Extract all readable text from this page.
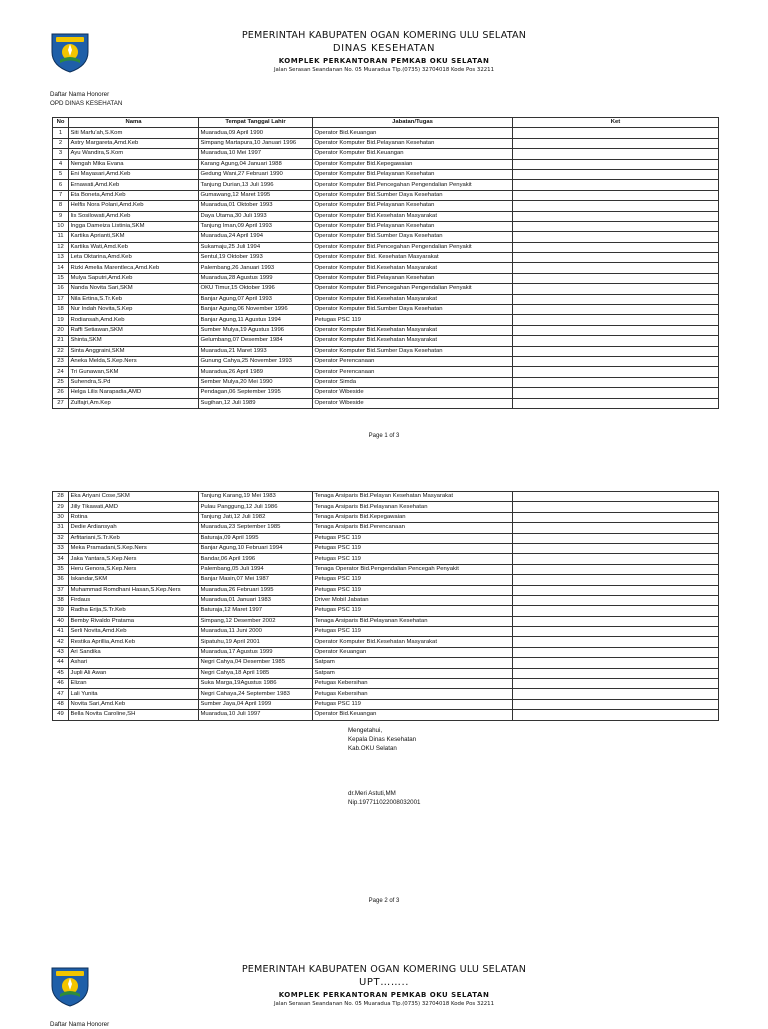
PEMERINTAH KABUPATEN OGAN KOMERING ULU SELATAN
DINAS KESEHATAN
KOMPLEK PERKANTORAN PEMKAB OKU SELATAN
Jalan Serasan Seandanan No. 05 Muaradua Tlp.(0735) 32704018 Kode Pos 32211
Daftar Nama Honorer
OPD DINAS KESEHATAN
No	Nama	Tempat Tanggal Lahir	Jabatan/Tugas	Ket
1	Siti Marfu'ah,S.Kom	Muaradua,09 April 1990	Operator Bid.Keuangan	
2	Astry Margareta,Amd.Keb	Simpang Martapura,10 Januari 1996	Operator Komputer Bid.Pelayanan Kesehatan	
3	Ayu Wandira,S.Kom	Muaradua,10 Mei 1997	Operator Komputer Bid.Keuangan	
4	Nengah Mika Evana	Karang Agung,04 Januari 1988	Operator Komputer Bid.Kepegawaian	
5	Eni Mayasari,Amd.Keb	Gedung Wani,27 Februari 1990	Operator Komputer Bid.Pelayanan Kesehatan	
6	Ernawati,Amd.Keb	Tanjung Durian,13 Juli 1996	Operator Komputer Bid.Pencegahan Pengendalian Penyakit	
7	Eta Boneta,Amd.Keb	Gumawang,12 Maret 1995	Operator Komputer Bid.Sumber Daya Kesehatan	
8	Helfis Nora Polani,Amd.Keb	Muaradua,01 Oktober 1993	Operator Komputer Bid.Pelayanan Kesehatan	
9	Iis Sosilowati,Amd.Keb	Daya Utama,30 Juli 1993	Operator Komputer Bid.Kesehatan Masyarakat	
10	Ingga Dameiza Listinia,SKM	Tanjung Iman,09 April 1993	Operator Komputer Bid.Pelayanan Kesehatan	
11	Kartika Aprianti,SKM	Muaradua,24 April 1994	Operator Komputer Bid.Sumber Daya Kesehatan	
12	Kartika Wati,Amd.Keb	Sukamaju,25 Juli 1994	Operator Komputer Bid.Pencegahan Pengendalian Penyakit	
13	Leta Oktarina,Amd.Keb	Sentul,19 Oktober 1993	Operator Komputer Bid. Kesehatan Masyarakat	
14	Rizki Amelia Marentleca,Amd.Keb	Palembang,26 Januari 1993	Operator Komputer Bid.Kesehatan Masyarakat	
15	Mulya Saputri,Amd.Keb	Muaradua,28 Agustus 1999	Operator Komputer Bid.Pelayanan Kesehatan	
16	Nanda Novita Sari,SKM	OKU Timur,15 Oktober 1996	Operator Komputer Bid.Pencegahan Pengendalian Penyakit	
17	Nila Ertina,S.Tr.Keb	Banjar Agung,07 April 1993	Operator Komputer Bid.Kesehatan Masyarakat	
18	Nur Indah Novita,S.Kep	Banjar Agung,06 November 1996	Operator Komputer Bid.Sumber Daya Kesehatan	
19	Rodiansah,Amd.Keb	Banjar Agung,11 Agustus 1994	Petugas PSC 119	
20	Raffi Setiawan,SKM	Sumber Mulya,19 Agustus 1996	Operator Komputer Bid.Kesehatan Masyarakat	
21	Shinta,SKM	Gelumbang,07 Desember 1984	Operator Komputer Bid.Kesehatan Masyarakat	
22	Sinta Anggraini,SKM	Muaradua,21 Maret 1993	Operator Komputer Bid.Sumber Daya Kesehatan	
23	Aneka Melda,S.Kep.Ners	Gunung Cahya,25 November 1993	Operator Perencanaan	
24	Tri Gunawan,SKM	Muaradua,26 April 1989	Operator Perencanaan	
25	Suhendra,S.Pd	Sember Mulya,20 Mei 1990	Operator Simda	
26	Helga Lilis Narapadia,AMD	Pendagan,06 September 1995	Operator Wibeside	
27	Zulfajri,Am.Kep	Sugihan,12 Juli 1989	Operator Wibeside	
Page 1 of 3
28	Eka Ariyani Cose,SKM	Tanjung Karang,19 Mei 1983	Tenaga Arsiparis Bid.Pelayan Kesehatan Masyarakat	
29	Jilly Tikawati,AMD	Pulau Panggung,12 Juli 1986	Tenaga Arsiparis Bid.Pelayanan Kesehatan	
30	Rotina	Tanjung Jati,12 Juli 1982	Tenaga Arsiparis Bid.Kepegawaian	
31	Dedie Ardiansyah	Muaradua,23 September 1985	Tenaga Arsiparis Bid.Perencanaan	
32	Arfitariani,S.Tr.Keb	Baturaja,09 April 1995	Petugas PSC 119	
33	Meka Pramadani,S.Kep.Ners	Banjar Agung,10 Februari 1994	Petugas PSC 119	
34	Jaka Yantara,S.Kep.Ners	Bandar,06 April 1996	Petugas PSC 119	
35	Heru Genora,S.Kep.Ners	Palembang,05 Juli 1994	Tenaga Operator Bid.Pengendalian Pencegah Penyakit	
36	Iskandar,SKM	Banjar Masin,07 Mei 1987	Petugas PSC 119	
37	Muhammad Romdhani Hasan,S.Kep.Ners	Muaradua,26 Februari 1995	Petugas PSC 119	
38	Firdaus	Muaradua,01 Januari 1983	Driver Mobil Jabatan	
39	Radha Erija,S.Tr.Keb	Baturaja,12 Maret 1997	Petugas PSC 119	
40	Bemby Rivaldo Pratama	Simpang,12 Desember 2002	Tenaga Arsiparis Bid.Pelayanan Kesehatan	
41	Serli Novita,Amd.Keb	Muaradua,11 Juni 2000	Petugas PSC 119	
42	Restika Aprillia,Amd.Keb	Sipatuhu,19 April 2001	Operator Komputer Bid.Kesehatan Masyarakat	
43	Ari Sandika	Muaradua,17 Agustus 1999	Operator Keuangan	
44	Ashari	Negri Cahya,04 Desember 1985	Satpam	
45	Jupli Ali Awan	Negri Cahya,18 April 1985	Satpam	
46	Elizan	Suka Marga,19Agustus 1986	Petugas Kebersihan	
47	Lali Yunita	Negri Cahaya,24 September 1983	Petugas Kebersihan	
48	Novita Sari,Amd.Keb	Sumber Jaya,04 April 1999	Petugas PSC 119	
49	Bella Novita Caroline,SH	Muaradua,10 Juli 1997	Operator Bid.Keuangan	
Mengetahui,
Kepala Dinas Kesehatan
Kab.OKU Selatan
dr.Meri Astuti,MM
Nip.197711022008032001
Page 2 of 3
PEMERINTAH KABUPATEN OGAN KOMERING ULU SELATAN
UPT……..
KOMPLEK PERKANTORAN PEMKAB OKU SELATAN
Jalan Serasan Seandanan No. 05 Muaradua Tlp.(0735) 32704018 Kode Pos 32211
Daftar Nama Honorer
